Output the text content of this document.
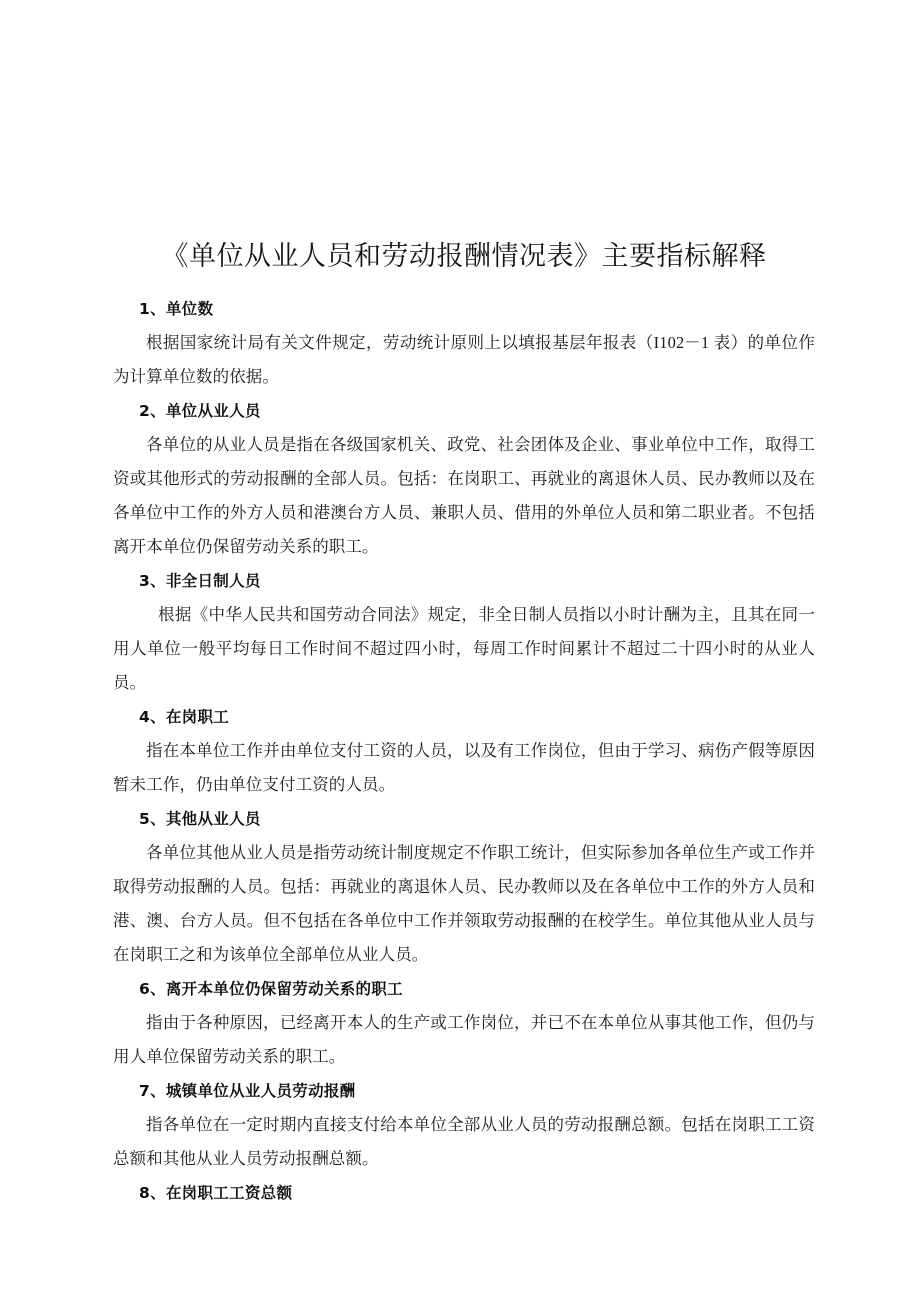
《单位从业人员和劳动报酬情况表》主要指标解释
1、单位数

根据国家统计局有关文件规定，劳动统计原则上以填报基层年报表（I102－1 表）的单位作为计算单位数的依据。

2、单位从业人员

各单位的从业人员是指在各级国家机关、政党、社会团体及企业、事业单位中工作，取得工资或其他形式的劳动报酬的全部人员。包括：在岗职工、再就业的离退休人员、民办教师以及在各单位中工作的外方人员和港澳台方人员、兼职人员、借用的外单位人员和第二职业者。不包括离开本单位仍保留劳动关系的职工。

3、非全日制人员

根据《中华人民共和国劳动合同法》规定，非全日制人员指以小时计酬为主，且其在同一用人单位一般平均每日工作时间不超过四小时，每周工作时间累计不超过二十四小时的从业人员。

4、在岗职工

指在本单位工作并由单位支付工资的人员，以及有工作岗位，但由于学习、病伤产假等原因暂未工作，仍由单位支付工资的人员。

5、其他从业人员

各单位其他从业人员是指劳动统计制度规定不作职工统计，但实际参加各单位生产或工作并取得劳动报酬的人员。包括：再就业的离退休人员、民办教师以及在各单位中工作的外方人员和港、澳、台方人员。但不包括在各单位中工作并领取劳动报酬的在校学生。单位其他从业人员与在岗职工之和为该单位全部单位从业人员。

6、离开本单位仍保留劳动关系的职工

指由于各种原因，已经离开本人的生产或工作岗位，并已不在本单位从事其他工作，但仍与用人单位保留劳动关系的职工。

7、城镇单位从业人员劳动报酬

指各单位在一定时期内直接支付给本单位全部从业人员的劳动报酬总额。包括在岗职工工资总额和其他从业人员劳动报酬总额。

8、在岗职工工资总额
